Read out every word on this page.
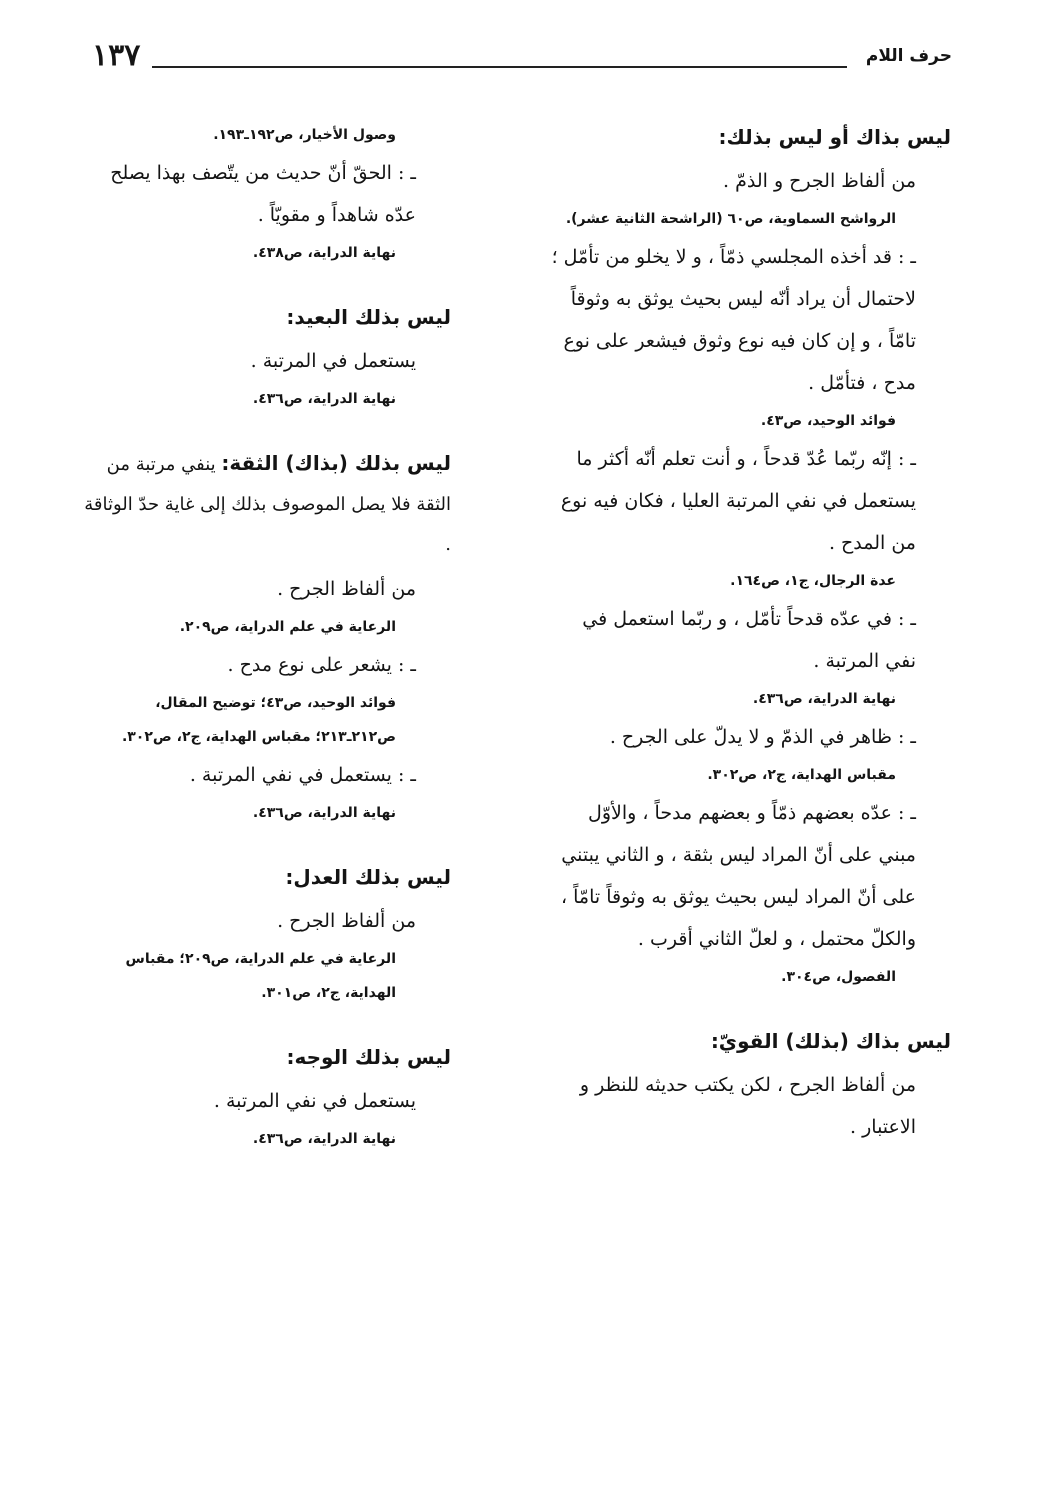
١٣٧	حرف اللام
ليس بذاك أو ليس بذلك:
من ألفاظ الجرح و الذمّ .
الرواشح السماوية، ص٦٠ (الراشحة الثانية عشر).
ـ : قد أخذه المجلسي ذمّاً ، و لا يخلو من تأمّل ؛ لاحتمال أن يراد أنّه ليس بحيث يوثق به وثوقاً تامّاً ، و إن كان فيه نوع وثوق فيشعر على نوع مدح ، فتأمّل .
فوائد الوحيد، ص٤٣.
ـ : إنّه ربّما عُدّ قدحاً ، و أنت تعلم أنّه أكثر ما يستعمل في نفي المرتبة العليا ، فكان فيه نوع من المدح .
عدة الرجال، ج١، ص١٦٤.
ـ : في عدّه قدحاً تأمّل ، و ربّما استعمل في نفي المرتبة .
نهاية الدراية، ص٤٣٦.
ـ : ظاهر في الذمّ و لا يدلّ على الجرح .
مقباس الهداية، ج٢، ص٣٠٢.
ـ : عدّه بعضهم ذمّاً و بعضهم مدحاً ، والأوّل مبني على أنّ المراد ليس بثقة ، و الثاني يبتني على أنّ المراد ليس بحيث يوثق به وثوقاً تامّاً ، والكلّ محتمل ، و لعلّ الثاني أقرب .
الفصول، ص٣٠٤.
ليس بذاك (بذلك) القويّ:
من ألفاظ الجرح ، لكن يكتب حديثه للنظر و الاعتبار .
وصول الأخيار، ص١٩٢ـ١٩٣.
ـ : الحقّ أنّ حديث من يتّصف بهذا يصلح عدّه شاهداً و مقويّاً .
نهاية الدراية، ص٤٣٨.
ليس بذلك البعيد:
يستعمل في المرتبة .
نهاية الدراية، ص٤٣٦.
ليس بذلك (بذاك) الثقة: ينفي مرتبة من الثقة فلا يصل الموصوف بذلك إلى غاية حدّ الوثاقة .
من ألفاظ الجرح .
الرعاية في علم الدراية، ص٢٠٩.
ـ : يشعر على نوع مدح .
فوائد الوحيد، ص٤٣؛ توضيح المقال، ص٢١٢ـ٢١٣؛ مقباس الهداية، ج٢، ص٣٠٢.
ـ : يستعمل في نفي المرتبة .
نهاية الدراية، ص٤٣٦.
ليس بذلك العدل:
من ألفاظ الجرح .
الرعاية في علم الدراية، ص٢٠٩؛ مقباس الهداية، ج٢، ص٣٠١.
ليس بذلك الوجه:
يستعمل في نفي المرتبة .
نهاية الدراية، ص٤٣٦.
